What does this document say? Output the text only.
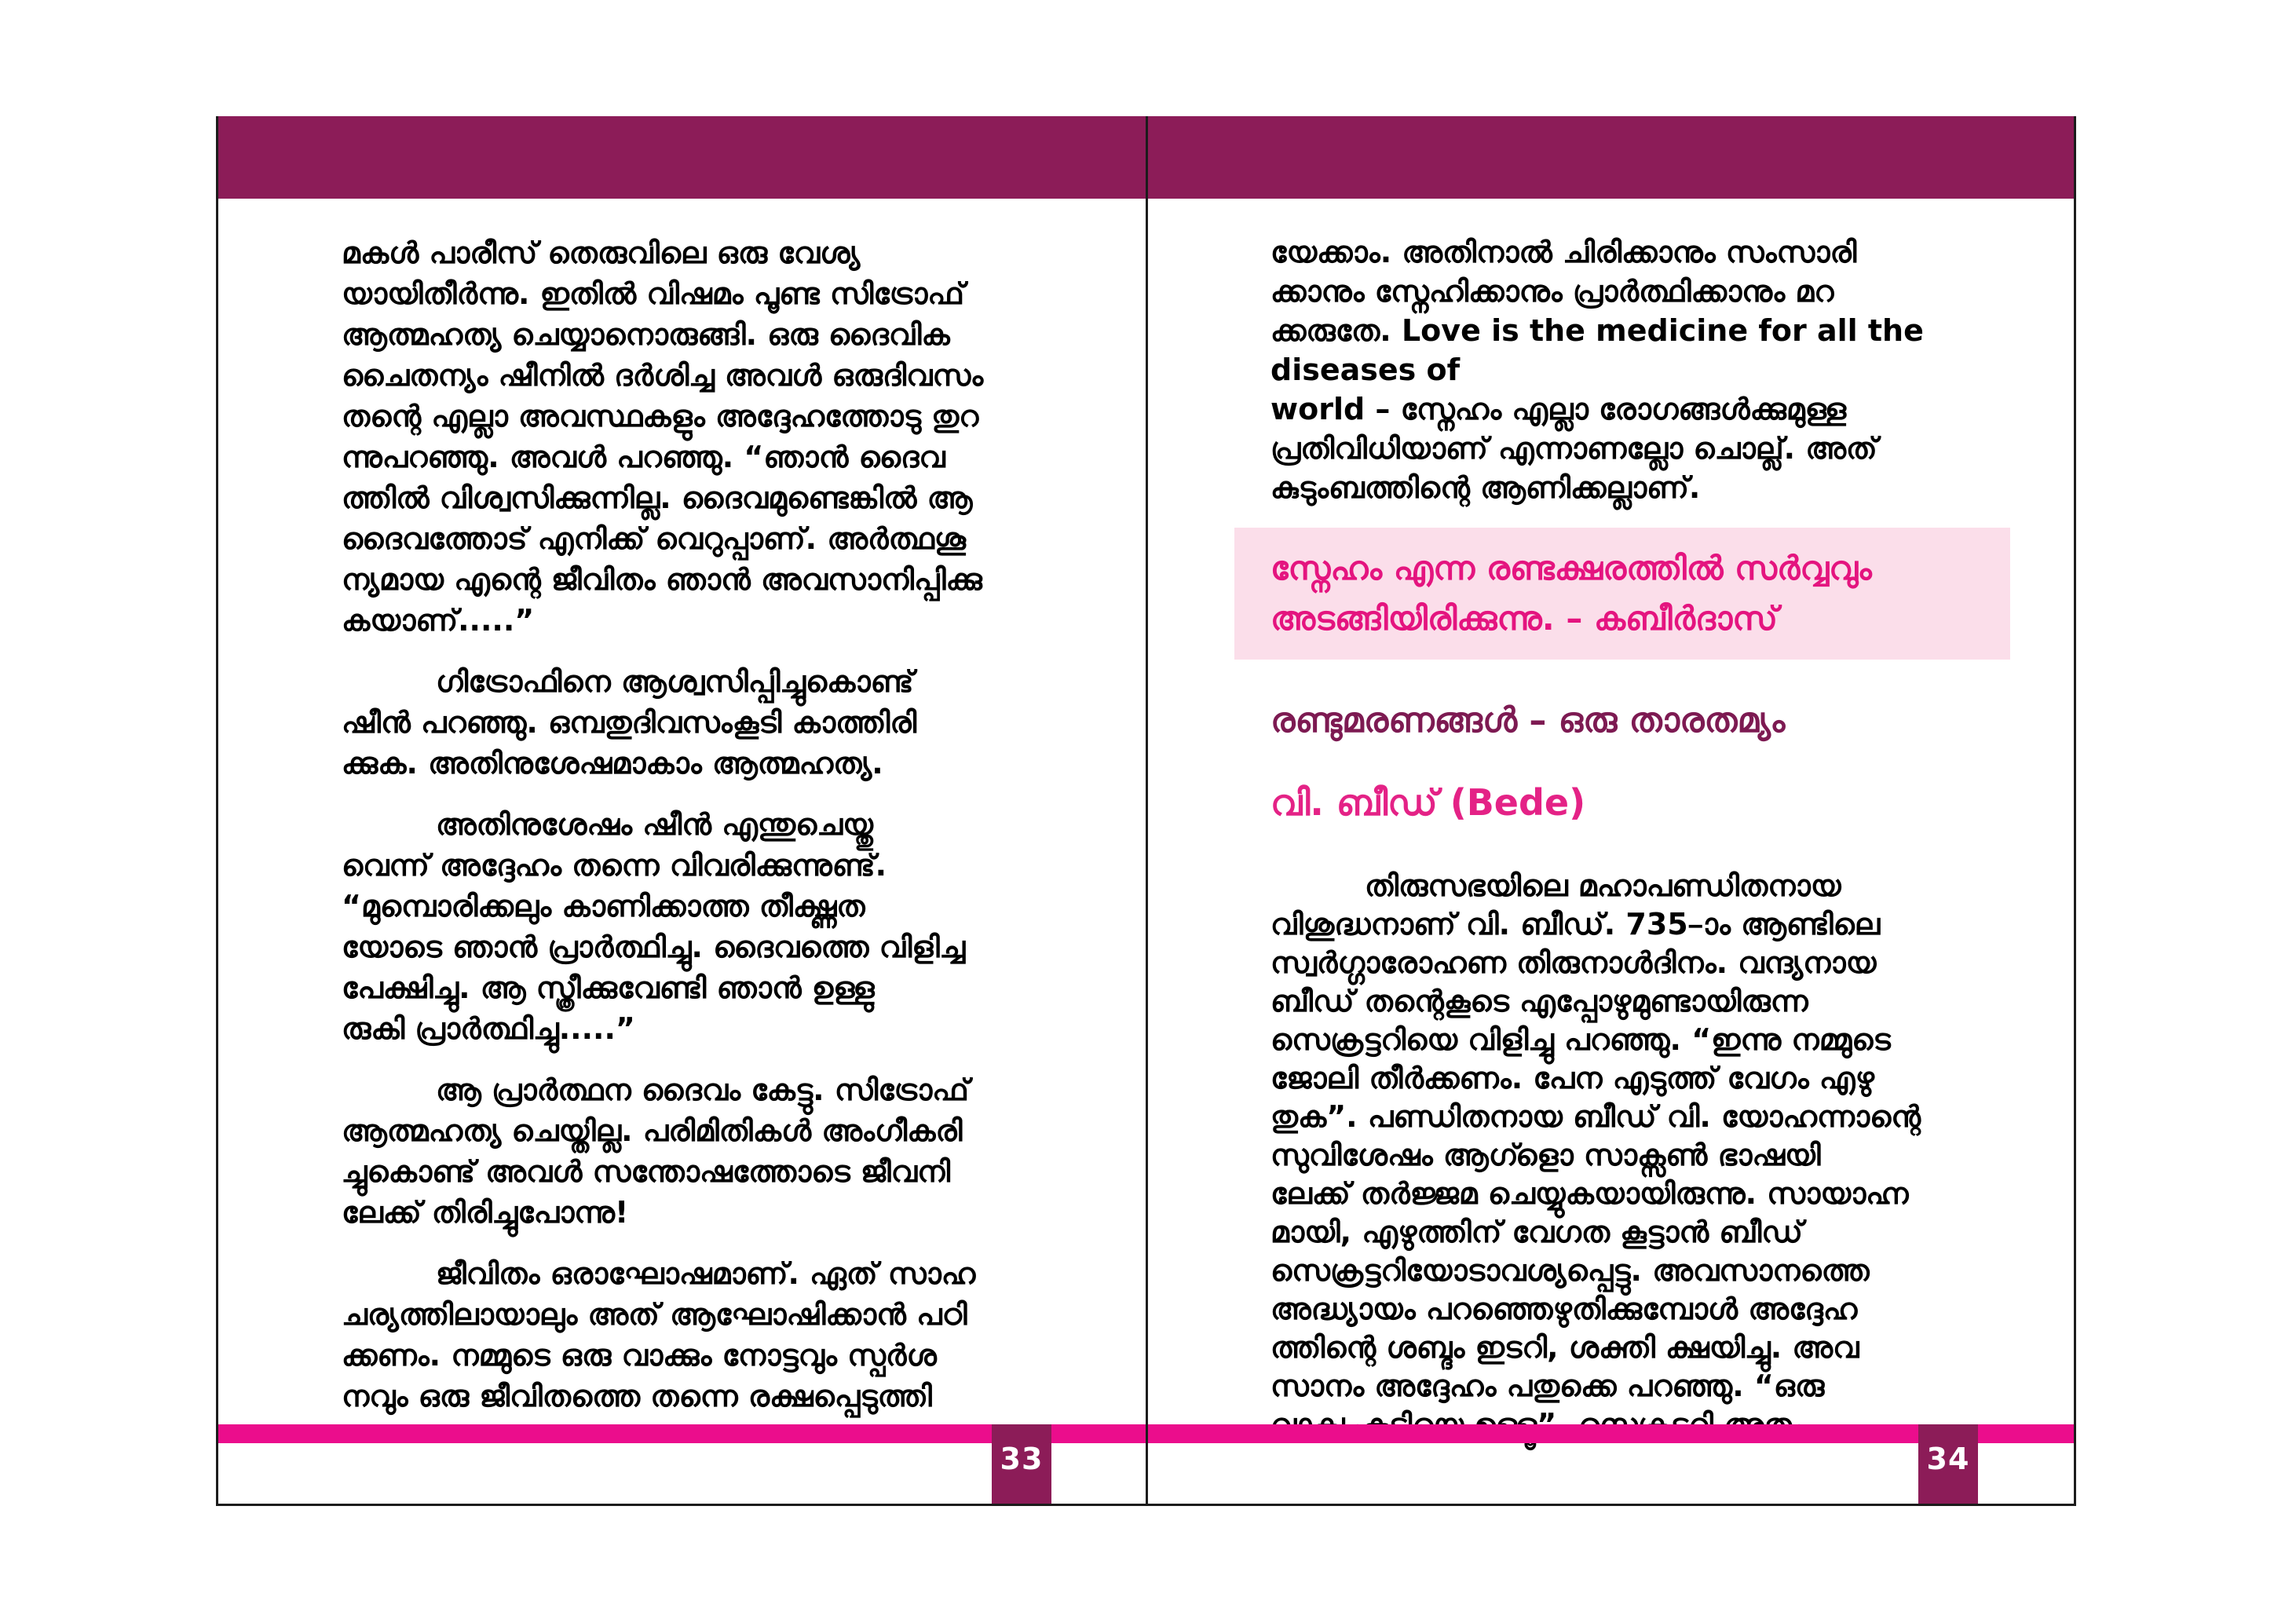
മകൾ പാരീസ് തെരുവിലെ ഒരു വേശ്യ
യായിതീർന്നു. ഇതിൽ വിഷമം പൂണ്ട സിട്രോഫ്
ആത്മഹത്യ ചെയ്യാനൊരുങ്ങി. ഒരു ദൈവിക
ചൈതന്യം ഷീനിൽ ദർശിച്ച അവൾ ഒരുദിവസം
തന്റെ എല്ലാ അവസ്ഥകളും അദ്ദേഹത്തോടു തുറ
ന്നുപറഞ്ഞു. അവൾ പറഞ്ഞു. “ഞാൻ ദൈവ
ത്തിൽ വിശ്വസിക്കുന്നില്ല. ദൈവമുണ്ടെങ്കിൽ ആ
ദൈവത്തോട് എനിക്ക് വെറുപ്പാണ്. അർത്ഥശൂ
ന്യമായ എന്റെ ജീവിതം ഞാൻ അവസാനിപ്പിക്കു
കയാണ്.....”
ഗിട്രോഫിനെ ആശ്വസിപ്പിച്ചുകൊണ്ട്
ഷീൻ പറഞ്ഞു. ഒമ്പതുദിവസംകൂടി കാത്തിരി
ക്കുക. അതിനുശേഷമാകാം ആത്മഹത്യ.
അതിനുശേഷം ഷീൻ എന്തുചെയ്തു
വെന്ന് അദ്ദേഹം തന്നെ വിവരിക്കുന്നുണ്ട്.
“മുമ്പൊരിക്കലും കാണിക്കാത്ത തീക്ഷ്ണത
യോടെ ഞാൻ പ്രാർത്ഥിച്ചു. ദൈവത്തെ വിളിച്ച
പേക്ഷിച്ചു. ആ സ്ത്രീക്കുവേണ്ടി ഞാൻ ഉള്ളു
രുകി പ്രാർത്ഥിച്ചു.....”
ആ പ്രാർത്ഥന ദൈവം കേട്ടു. സിട്രോഫ്
ആത്മഹത്യ ചെയ്തില്ല. പരിമിതികൾ അംഗീകരി
ച്ചുകൊണ്ട് അവൾ സന്തോഷത്തോടെ ജീവനി
ലേക്ക് തിരിച്ചുപോന്നു!
ജീവിതം ഒരാഘോഷമാണ്. ഏത് സാഹ
ചര്യത്തിലായാലും അത് ആഘോഷിക്കാൻ പഠി
ക്കണം. നമ്മുടെ ഒരു വാക്കും നോട്ടവും സ്പർശ
നവും ഒരു ജീവിതത്തെ തന്നെ രക്ഷപ്പെടുത്തി
യേക്കാം. അതിനാൽ ചിരിക്കാനും സംസാരി
ക്കാനും സ്നേഹിക്കാനും പ്രാർത്ഥിക്കാനും മറ
ക്കരുതേ. Love is the medicine for all the diseases of
world – സ്നേഹം എല്ലാ രോഗങ്ങൾക്കുമുള്ള
പ്രതിവിധിയാണ് എന്നാണല്ലോ ചൊല്ല്. അത്
കുടുംബത്തിന്റെ ആണിക്കല്ലാണ്.
സ്നേഹം എന്ന രണ്ടക്ഷരത്തിൽ സർവ്വവും
അടങ്ങിയിരിക്കുന്നു. – കബീർദാസ്
രണ്ടുമരണങ്ങൾ – ഒരു താരതമ്യം
വി. ബീഡ് (Bede)
തിരുസഭയിലെ മഹാപണ്ഡിതനായ
വിശുദ്ധനാണ് വി. ബീഡ്. 735–ാം ആണ്ടിലെ
സ്വർഗ്ഗാരോഹണ തിരുനാൾദിനം. വന്ദ്യനായ
ബീഡ് തന്റെകൂടെ എപ്പോഴുമുണ്ടായിരുന്ന
സെക്രട്ടറിയെ വിളിച്ചു പറഞ്ഞു. “ഇന്നു നമ്മുടെ
ജോലി തീർക്കണം. പേന എടുത്ത് വേഗം എഴു
തുക”. പണ്ഡിതനായ ബീഡ് വി. യോഹന്നാന്റെ
സുവിശേഷം ആഗ്ളൊ സാക്സൺ ഭാഷയി
ലേക്ക് തർജ്ജമ ചെയ്യുകയായിരുന്നു. സായാഹ്ന
മായി, എഴുത്തിന് വേഗത കൂട്ടാൻ ബീഡ്
സെക്രട്ടറിയോടാവശ്യപ്പെട്ടു. അവസാനത്തെ
അദ്ധ്യായം പറഞ്ഞെഴുതിക്കുമ്പോൾ അദ്ദേഹ
ത്തിന്റെ ശബ്ദം ഇടറി, ശക്തി ക്ഷയിച്ചു. അവ
സാനം അദ്ദേഹം പതുക്കെ പറഞ്ഞു. “ഒരു

33	34
